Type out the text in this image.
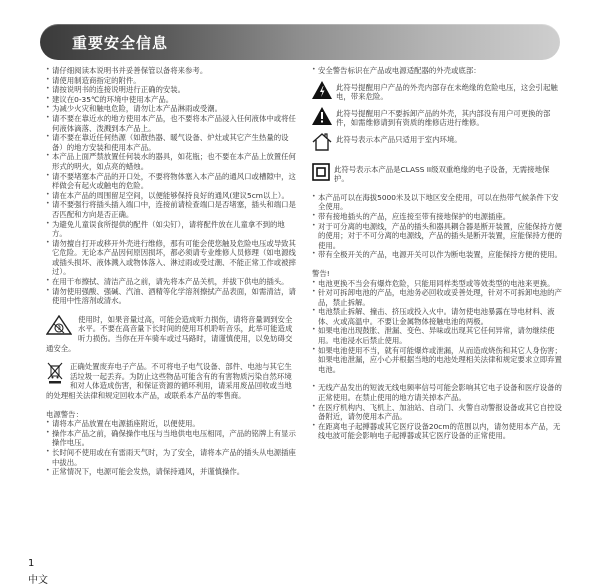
重要安全信息

• 请仔细阅读本说明书并妥善保管以备将来参考。

• 请使用制造商指定的附件。

• 请按说明书的连接说明进行正确的安装。

• 建议在0-35℃的环境中使用本产品。

• 为减少火灾和触电危险，请勿让本产品淋雨或受潮。

• 请不要在靠近水的地方使用本产品，也不要将本产品浸入任何液体中或将任何液体滴落、泼溅到本产品上。

• 请不要在靠近任何热源（如散热器、暖气设备、炉灶或其它产生热量的设备）的地方安装和使用本产品。

• 本产品上面严禁放置任何装水的器具，如花瓶；也不要在本产品上放置任何形式的明火，如点亮的蜡烛。

• 请不要堵塞本产品的开口处，不要将物体塞入本产品的通风口或槽隙中，这样做会有起火或触电的危险。

• 请在本产品的周围留足空间，以便能够保持良好的通风(建议5cm以上）。

• 请不要强行将插头插入端口中，连接前请检查端口是否堵塞，插头和端口是否匹配和方向是否正确。

• 为避免儿童误食所提供的配件（如尖钉），请将配件放在儿童拿不到的地方。

• 请勿擅自打开或移开外壳进行维修，那有可能会使您触及危险电压或导致其它危险。无论本产品因何原因损坏，都必须请专业维修人员修理（如电源线或插头损坏、液体溅入或物体落入、淋过雨或受过潮、不能正常工作或被摔过）。

• 在用干布擦拭、清洁产品之前，请先将本产品关机，并拔下供电的插头。

• 请勿使用强酸、强碱、汽油、酒精等化学溶剂擦拭产品表面，如需清洁，请使用中性溶剂或清水。

使用时，如果音量过高，可能会造成听力损伤，请将音量调到安全水平。不要在高音量下长时间的使用耳机聆听音乐，此举可能造成听力损伤。当你在开车骑车或过马路时，请谨慎使用，以免妨碍交通安全。
正确处置废弃电子产品。不可将电子电气设备、部件、电池与其它生活垃圾一起丢弃。为防止这些物品可能含有的有害物质污染自然环境和对人体造成伤害，和保证资源的循环利用，请采用废品回收或当地的处理相关法律和规定回收本产品，或联系本产品的零售商。

电源警告：

• 请将本产品放置在电源插座附近，以便使用。

• 操作本产品之前，确保操作电压与当地供电电压相同，产品的铭牌上有显示操作电压。

• 长时间不使用或在有雷雨天气时，为了安全，请将本产品的插头从电源插座中拔出。

• 正常情况下，电源可能会发热，请保持通风，并谨慎操作。

• 安全警告标识在产品或电源适配器的外壳或底部：

此符号提醒用户产品的外壳内部存在未绝缘的危险电压，这会引起触电，带来危险。
此符号提醒用户不要拆卸产品的外壳，其内部没有用户可更换的部件，如需维修请到有资质的维修店进行维修。
此符号表示本产品只适用于室内环境。
此符号表示本产品是CLASS II级双重绝缘的电子设备，无需接地保护。

• 本产品可以在海拔5000米及以下地区安全使用，可以在热带气候条件下安全使用。

• 带有接地插头的产品，应连接至带有接地保护的电源插座。

• 对于可分离的电源线，产品的插头和器具耦合器是断开装置，应能保持方便的使用；对于不可分离的电源线，产品的插头是断开装置，应能保持方便的使用。

• 带有全极开关的产品，电源开关可以作为断电装置，应能保持方便的使用。

警告!

• 电池更换不当会有爆炸危险，只能用同样类型或等效类型的电池来更换。

• 针对可拆卸电池的产品，电池务必回收或妥善处理，针对不可拆卸电池的产品，禁止拆解。

• 电池禁止拆解、撞击、挤压或投入火中。请勿使电池暴露在导电材料、液体、火或高温中。不要让金属物体接触电池的两极。

• 如果电池出现鼓胀、泄漏、变色、异味或出现其它任何异常，请勿继续使用。电池浸水后禁止使用。

• 如果电池使用不当，就有可能爆炸或泄漏，从而造成烧伤和其它人身伤害；如果电池泄漏，应小心并根据当地的电池处理相关法律和规定要求立即弃置电池。

• 无线产品发出的短波无线电频率信号可能会影响其它电子设备和医疗设备的正常使用。在禁止使用的地方请关掉本产品。

• 在医疗机构内、飞机上、加油站、自动门、火警自动警报设备或其它自控设备附近，请勿使用本产品。

• 在距离电子起搏器或其它医疗设备20cm的范围以内，请勿使用本产品，无线电波可能会影响电子起搏器或其它医疗设备的正常使用。

1
中文
